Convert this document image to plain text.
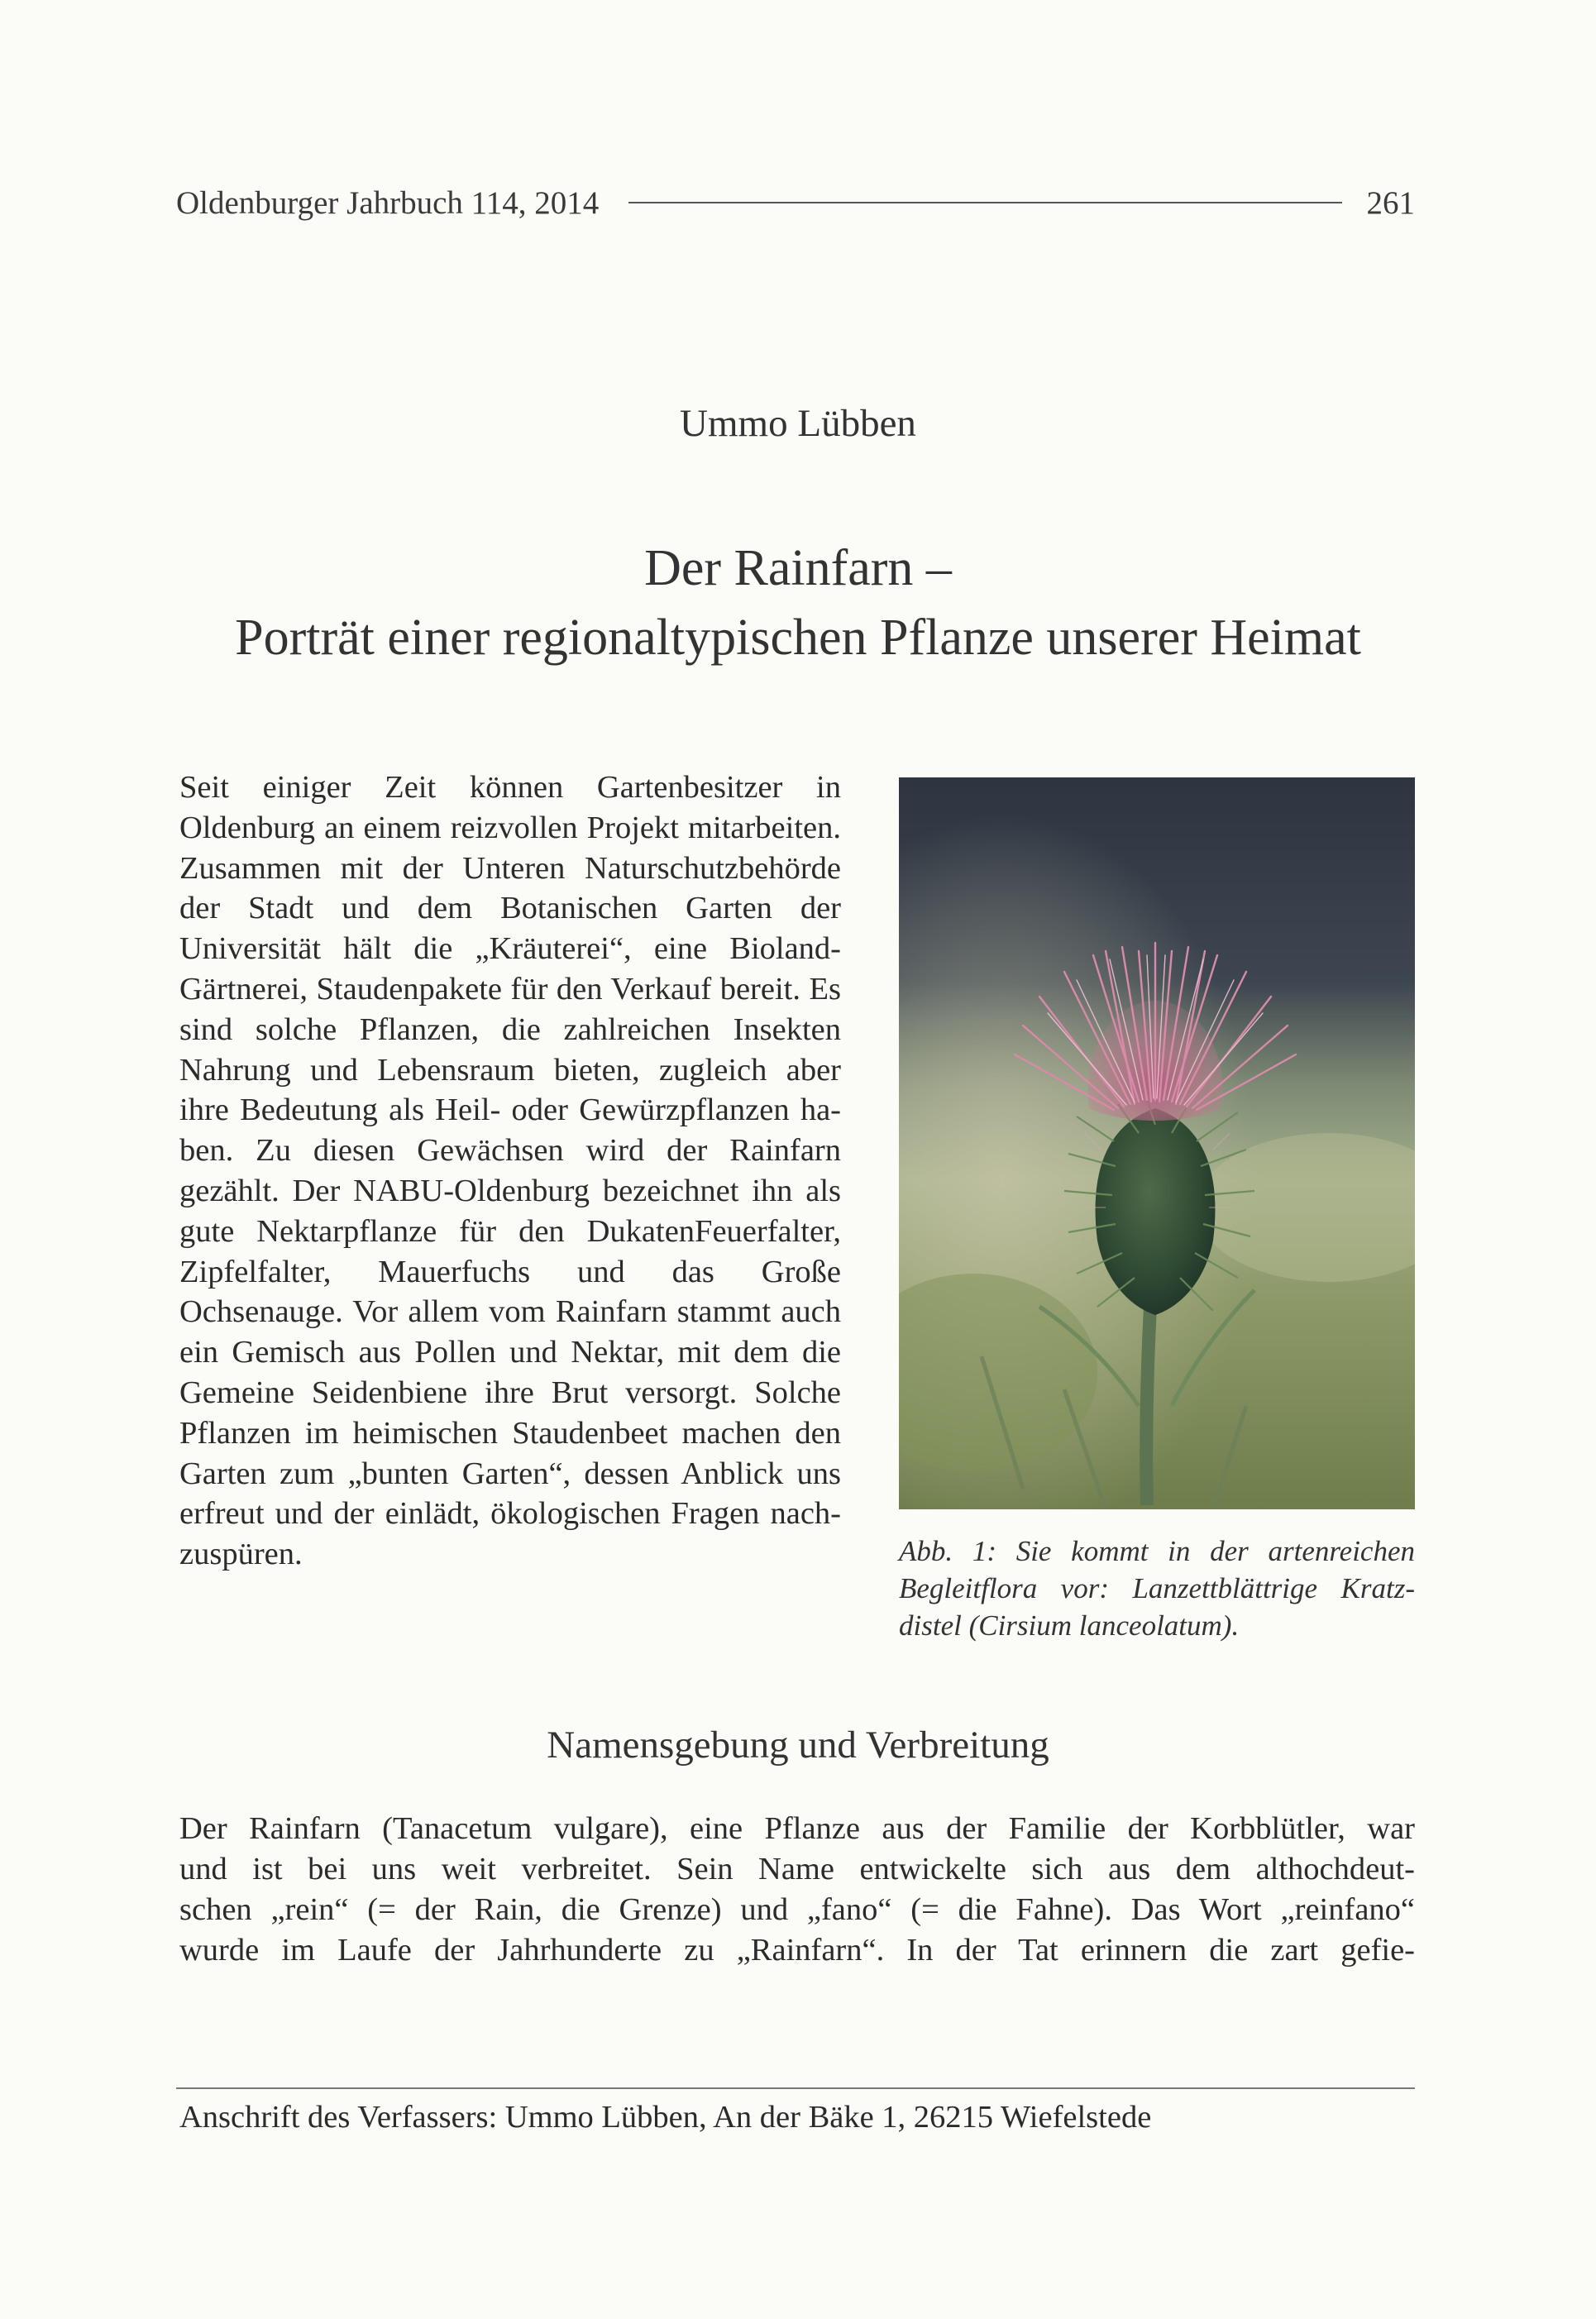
Oldenburger Jahrbuch 114, 2014	261
Ummo Lübben
Der Rainfarn –
Porträt einer regionaltypischen Pflanze unserer Heimat
Seit einiger Zeit können Gartenbesitzer in Oldenburg an einem reizvollen Projekt mitarbeiten. Zusammen mit der Unteren Naturschutzbehörde der Stadt und dem Botanischen Garten der Universität hält die „Kräuterei“, eine Bioland-Gärtnerei, Staudenpakete für den Verkauf bereit. Es sind solche Pflanzen, die zahlreichen Insekten Nahrung und Lebensraum bieten, zugleich aber ihre Bedeutung als Heil- oder Gewürzpflanzen haben. Zu diesen Gewächsen wird der Rainfarn gezählt. Der NABU-Oldenburg bezeichnet ihn als gute Nektarpflanze für den DukatenFeuerfalter, Zipfelfalter, Mauerfuchs und das Große Ochsenauge. Vor allem vom Rainfarn stammt auch ein Gemisch aus Pollen und Nektar, mit dem die Gemeine Seidenbiene ihre Brut versorgt. Solche Pflanzen im heimischen Staudenbeet machen den Garten zum „bunten Garten“, dessen Anblick uns erfreut und der einlädt, ökologischen Fragen nachzuspüren.	Abb. 1: Sie kommt in der artenreichen Begleitflora vor: Lanzettblättrige Kratzdistel (Cirsium lanceolatum).
Namensgebung und Verbreitung
Der Rainfarn (Tanacetum vulgare), eine Pflanze aus der Familie der Korbblütler, war
und ist bei uns weit verbreitet. Sein Name entwickelte sich aus dem althochdeut-
schen „rein“ (= der Rain, die Grenze) und „fano“ (= die Fahne). Das Wort „reinfano“
wurde im Laufe der Jahrhunderte zu „Rainfarn“. In der Tat erinnern die zart gefie-
Anschrift des Verfassers: Ummo Lübben, An der Bäke 1, 26215 Wiefelstede
